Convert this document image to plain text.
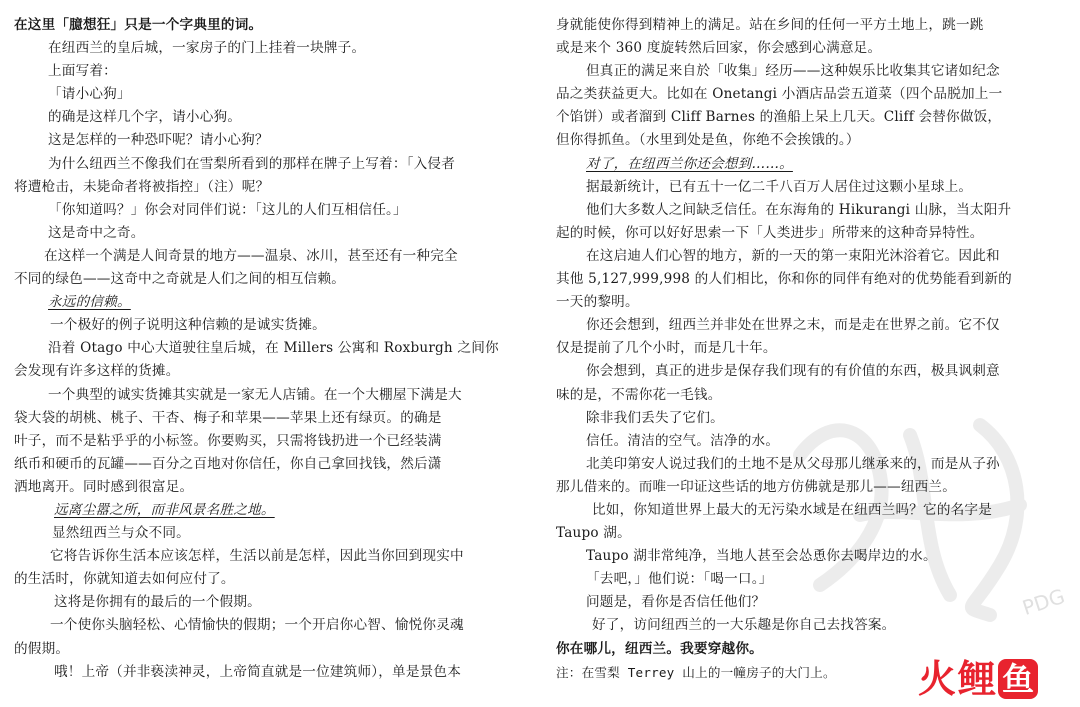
在这里「臆想狂」只是一个字典里的词。

在纽西兰的皇后城，一家房子的门上挂着一块牌子。

上面写着：

「请小心狗」

的确是这样几个字，请小心狗。

这是怎样的一种恐吓呢？请小心狗？

为什么纽西兰不像我们在雪梨所看到的那样在牌子上写着：「入侵者

将遭枪击，未毙命者将被指控」（注）呢？

「你知道吗？」你会对同伴们说：「这儿的人们互相信任。」

这是奇中之奇。

在这样一个满是人间奇景的地方——温泉、冰川，甚至还有一种完全

不同的绿色——这奇中之奇就是人们之间的相互信赖。

永远的信赖。

一个极好的例子说明这种信赖的是诚实货摊。

沿着 Otago 中心大道驶往皇后城，在 Millers 公寓和 Roxburgh 之间你

会发现有许多这样的货摊。

一个典型的诚实货摊其实就是一家无人店铺。在一个大棚屋下满是大

袋大袋的胡桃、桃子、干杏、梅子和苹果——苹果上还有绿页。的确是

叶子，而不是粘乎乎的小标签。你要购买，只需将钱扔进一个已经装满

纸币和硬币的瓦罐——百分之百地对你信任，你自己拿回找钱，然后潇

洒地离开。同时感到很富足。

远离尘嚣之所，而非风景名胜之地。

显然纽西兰与众不同。

它将告诉你生活本应该怎样，生活以前是怎样，因此当你回到现实中

的生活时，你就知道去如何应付了。

这将是你拥有的最后的一个假期。

一个使你头脑轻松、心情愉快的假期；一个开启你心智、愉悦你灵魂

的假期。

哦！上帝（并非亵渎神灵，上帝简直就是一位建筑师），单是景色本

身就能使你得到精神上的满足。站在乡间的任何一平方土地上，跳一跳

或是来个 360 度旋转然后回家，你会感到心满意足。

但真正的满足来自於「收集」经历——这种娱乐比收集其它诸如纪念

品之类获益更大。比如在 Onetangi 小酒店品尝五道菜（四个品脱加上一

个馅饼）或者溜到 Cliff Barnes 的渔船上呆上几天。Cliff 会替你做饭，

但你得抓鱼。（水里到处是鱼，你绝不会挨饿的。）

对了，在纽西兰你还会想到……。

据最新统计，已有五十一亿二千八百万人居住过这颗小星球上。

他们大多数人之间缺乏信任。在东海角的 Hikurangi 山脉，当太阳升

起的时候，你可以好好思索一下「人类进步」所带来的这种奇异特性。

在这启迪人们心智的地方，新的一天的第一束阳光沐浴着它。因此和

其他 5,127,999,998 的人们相比，你和你的同伴有绝对的优势能看到新的

一天的黎明。

你还会想到，纽西兰并非处在世界之末，而是走在世界之前。它不仅

仅是提前了几个小时，而是几十年。

你会想到，真正的进步是保存我们现有的有价值的东西，极具讽刺意

味的是，不需你花一毛钱。

除非我们丢失了它们。

信任。清洁的空气。洁净的水。

北美印第安人说过我们的土地不是从父母那儿继承来的，而是从子孙

那儿借来的。而唯一印证这些话的地方仿佛就是那儿——纽西兰。

比如，你知道世界上最大的无污染水域是在纽西兰吗？它的名字是

Taupo 湖。

Taupo 湖非常纯净，当地人甚至会怂恿你去喝岸边的水。

「去吧，」他们说：「喝一口。」

问题是，看你是否信任他们？

好了，访问纽西兰的一大乐趣是你自己去找答案。

你在哪儿，纽西兰。我要穿越你。

注：在雪梨 Terrey 山上的一幢房子的大门上。

PDG
火 鲤 鱼
